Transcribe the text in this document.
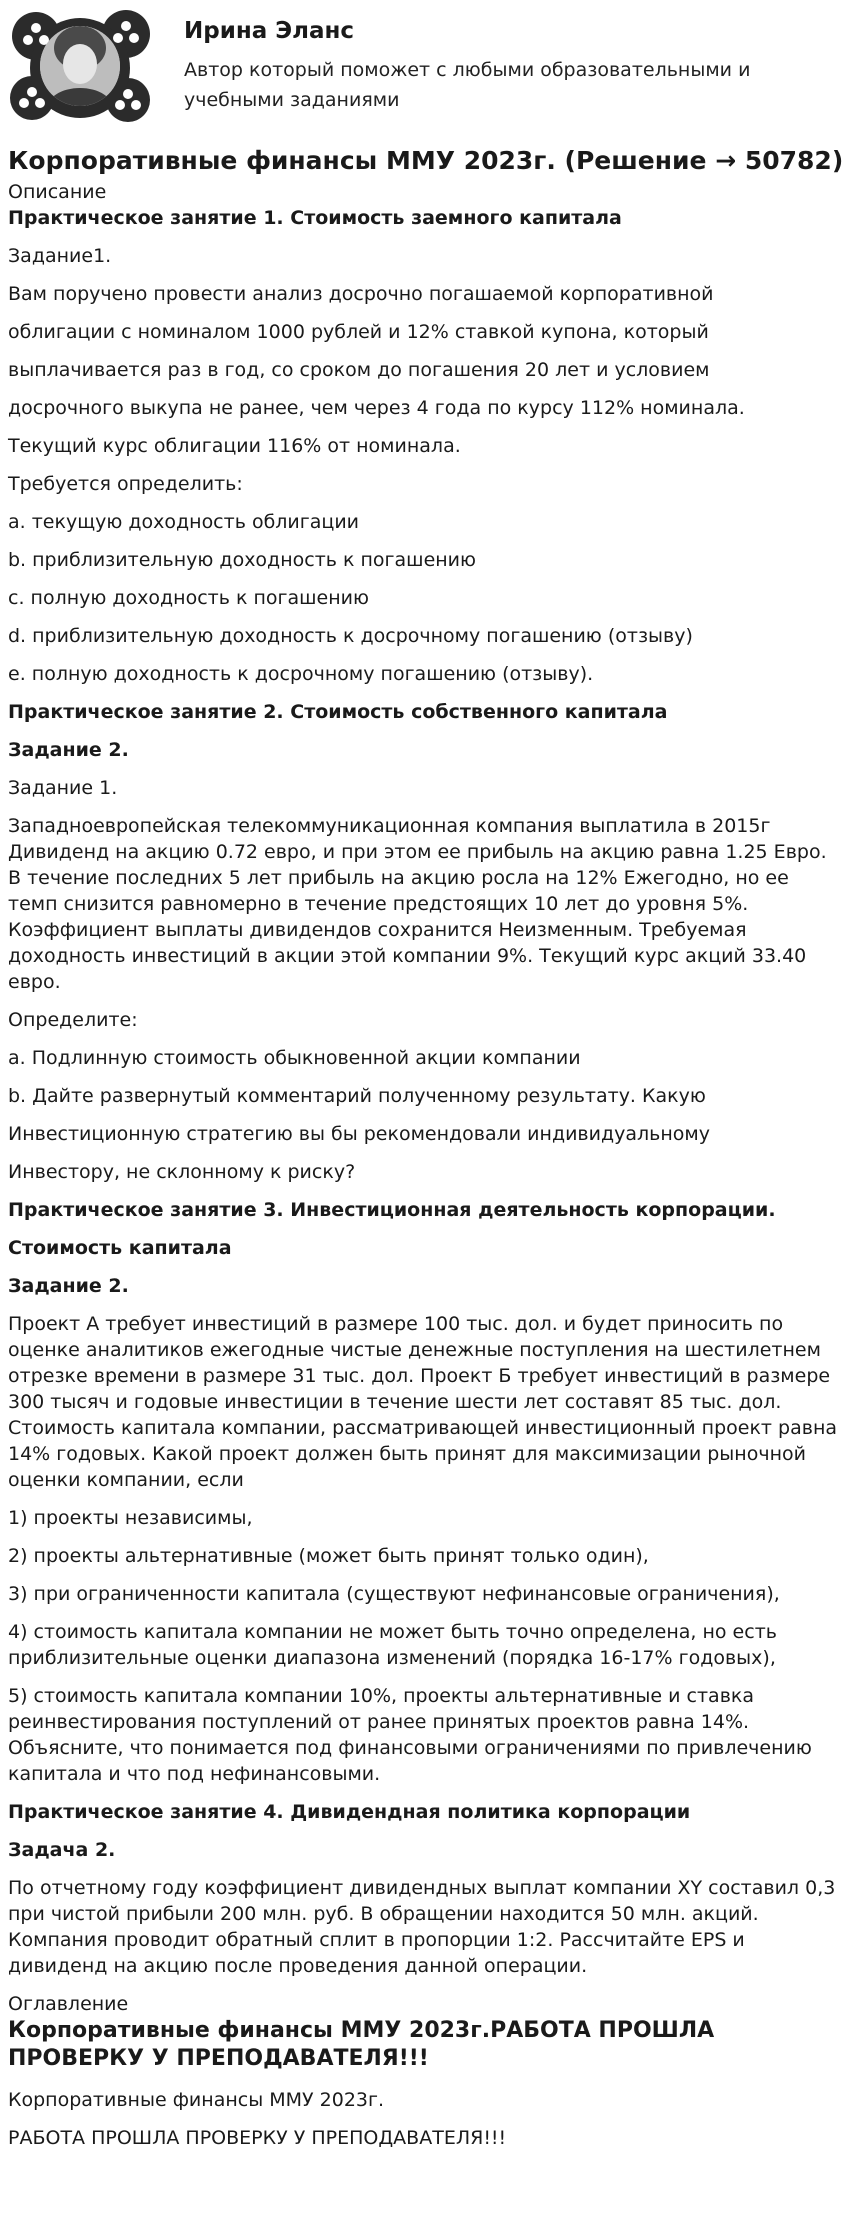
Ирина Эланс
Автор который поможет с любыми образовательными и учебными заданиями
Корпоративные финансы ММУ 2023г. (Решение → 50782)

Описание

Практическое занятие 1. Стоимость заемного капитала

Задание1.

Вам поручено провести анализ досрочно погашаемой корпоративной

облигации с номиналом 1000 рублей и 12% ставкой купона, который

выплачивается раз в год, со сроком до погашения 20 лет и условием

досрочного выкупа не ранее, чем через 4 года по курсу 112% номинала.

Текущий курс облигации 116% от номинала.

Требуется определить:

a. текущую доходность облигации

b. приблизительную доходность к погашению

c. полную доходность к погашению

d. приблизительную доходность к досрочному погашению (отзыву)

e. полную доходность к досрочному погашению (отзыву).

Практическое занятие 2. Стоимость собственного капитала

Задание 2.

Задание 1.

Западноевропейская телекоммуникационная компания выплатила в 2015г Дивиденд на акцию 0.72 евро, и при этом ее прибыль на акцию равна 1.25 Евро. В течение последних 5 лет прибыль на акцию росла на 12% Ежегодно, но ее темп снизится равномерно в течение предстоящих 10 лет до уровня 5%. Коэффициент выплаты дивидендов сохранится Неизменным. Требуемая доходность инвестиций в акции этой компании 9%. Текущий курс акций 33.40 евро.

Определите:

a. Подлинную стоимость обыкновенной акции компании

b. Дайте развернутый комментарий полученному результату. Какую

Инвестиционную стратегию вы бы рекомендовали индивидуальному

Инвестору, не склонному к риску?

Практическое занятие 3. Инвестиционная деятельность корпорации.

Стоимость капитала

Задание 2.

Проект А требует инвестиций в размере 100 тыс. дол. и будет приносить по оценке аналитиков ежегодные чистые денежные поступления на шестилетнем отрезке времени в размере 31 тыс. дол. Проект Б требует инвестиций в размере 300 тысяч и годовые инвестиции в течение шести лет составят 85 тыс. дол. Стоимость капитала компании, рассматривающей инвестиционный проект равна 14% годовых. Какой проект должен быть принят для максимизации рыночной оценки компании, если

1) проекты независимы,

2) проекты альтернативные (может быть принят только один),

3) при ограниченности капитала (существуют нефинансовые ограничения),

4) стоимость капитала компании не может быть точно определена, но есть приблизительные оценки диапазона изменений (порядка 16-17% годовых),

5) стоимость капитала компании 10%, проекты альтернативные и ставка реинвестирования поступлений от ранее принятых проектов равна 14%. Объясните, что понимается под финансовыми ограничениями по привлечению капитала и что под нефинансовыми.

Практическое занятие 4. Дивидендная политика корпорации

Задача 2.

По отчетному году коэффициент дивидендных выплат компании XY составил 0,3 при чистой прибыли 200 млн. руб. В обращении находится 50 млн. акций. Компания проводит обратный сплит в пропорции 1:2. Рассчитайте EPS и дивиденд на акцию после проведения данной операции.

Оглавление

Корпоративные финансы ММУ 2023г.РАБОТА ПРОШЛА ПРОВЕРКУ У ПРЕПОДАВАТЕЛЯ!!!

Корпоративные финансы ММУ 2023г.

РАБОТА ПРОШЛА ПРОВЕРКУ У ПРЕПОДАВАТЕЛЯ!!!
